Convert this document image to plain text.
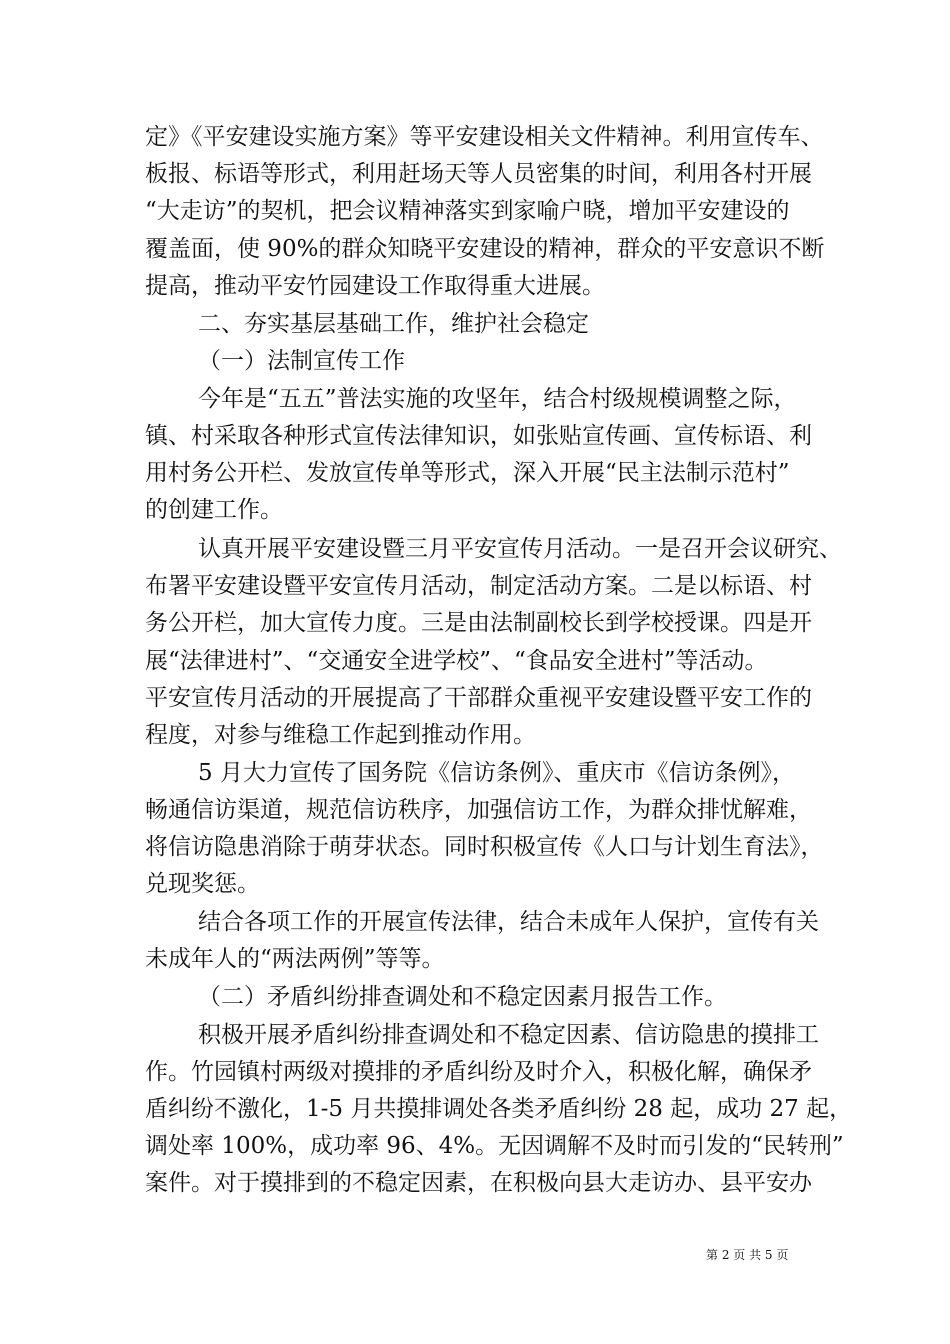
定》《平安建设实施方案》等平安建设相关文件精神。利用宣传车、
板报、标语等形式，利用赶场天等人员密集的时间，利用各村开展
“大走访”的契机，把会议精神落实到家喻户晓，增加平安建设的
覆盖面，使 90%的群众知晓平安建设的精神，群众的平安意识不断
提高，推动平安竹园建设工作取得重大进展。
二、夯实基层基础工作，维护社会稳定
（一）法制宣传工作
今年是“五五”普法实施的攻坚年，结合村级规模调整之际，
镇、村采取各种形式宣传法律知识，如张贴宣传画、宣传标语、利
用村务公开栏、发放宣传单等形式，深入开展“民主法制示范村”
的创建工作。
认真开展平安建设暨三月平安宣传月活动。一是召开会议研究、
布署平安建设暨平安宣传月活动，制定活动方案。二是以标语、村
务公开栏，加大宣传力度。三是由法制副校长到学校授课。四是开
展“法律进村”、“交通安全进学校”、“食品安全进村”等活动。
平安宣传月活动的开展提高了干部群众重视平安建设暨平安工作的
程度，对参与维稳工作起到推动作用。
5 月大力宣传了国务院《信访条例》、重庆市《信访条例》，
畅通信访渠道，规范信访秩序，加强信访工作，为群众排忧解难，
将信访隐患消除于萌芽状态。同时积极宣传《人口与计划生育法》，
兑现奖惩。
结合各项工作的开展宣传法律，结合未成年人保护，宣传有关
未成年人的“两法两例”等等。
（二）矛盾纠纷排查调处和不稳定因素月报告工作。
积极开展矛盾纠纷排查调处和不稳定因素、信访隐患的摸排工
作。竹园镇村两级对摸排的矛盾纠纷及时介入，积极化解，确保矛
盾纠纷不激化，1-5 月共摸排调处各类矛盾纠纷 28 起，成功 27 起，
调处率 100%，成功率 96、4%。无因调解不及时而引发的“民转刑”
案件。对于摸排到的不稳定因素，在积极向县大走访办、县平安办
第 2 页 共 5 页
